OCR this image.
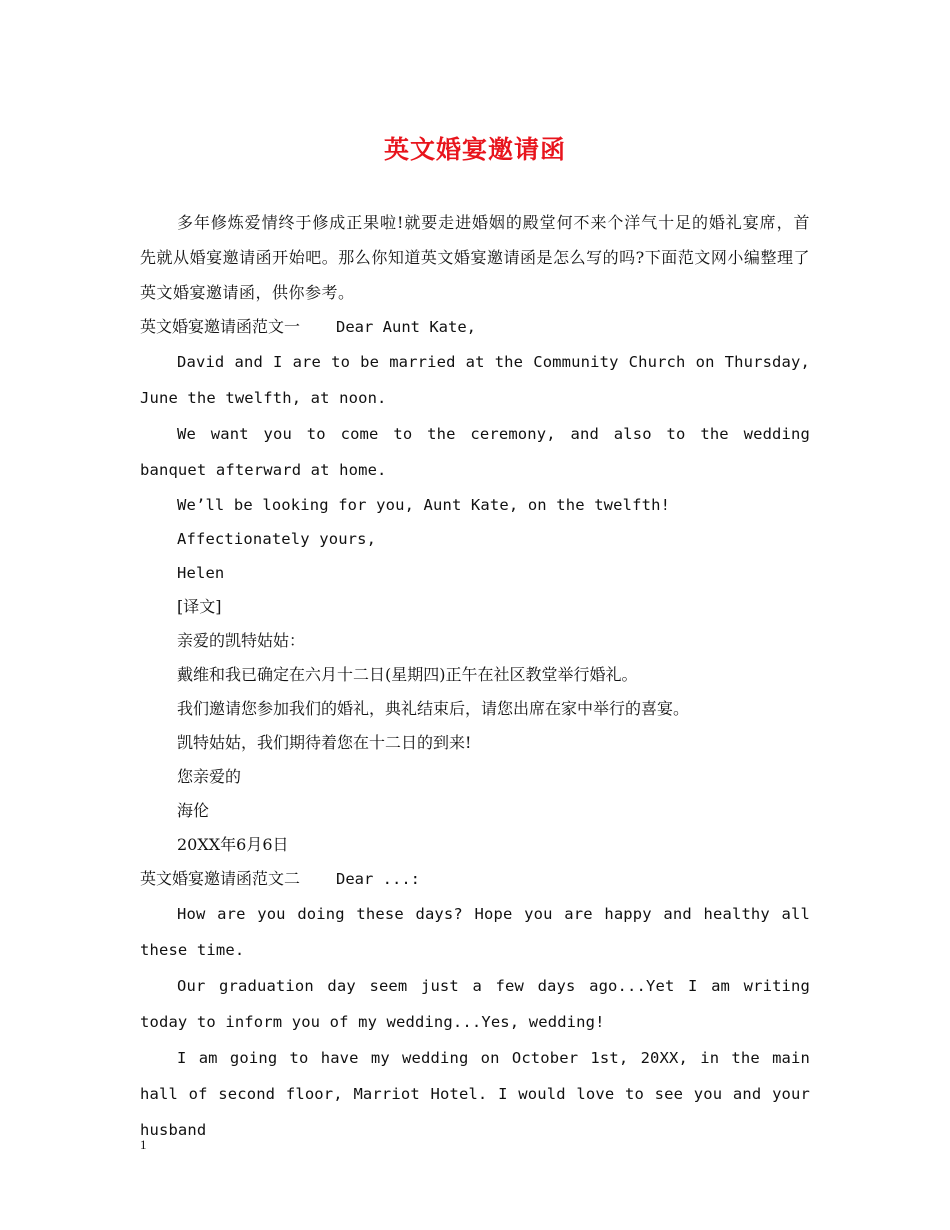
英文婚宴邀请函

多年修炼爱情终于修成正果啦!就要走进婚姻的殿堂何不来个洋气十足的婚礼宴席，首先就从婚宴邀请函开始吧。那么你知道英文婚宴邀请函是怎么写的吗?下面范文网小编整理了英文婚宴邀请函，供你参考。

英文婚宴邀请函范文一 Dear Aunt Kate,

David and I are to be married at the Community Church on Thursday, June the twelfth, at noon.

We want you to come to the ceremony, and also to the wedding banquet afterward at home.

We’ll be looking for you, Aunt Kate, on the twelfth!

Affectionately yours,

Helen

[译文]
亲爱的凯特姑姑：
戴维和我已确定在六月十二日(星期四)正午在社区教堂举行婚礼。
我们邀请您参加我们的婚礼，典礼结束后，请您出席在家中举行的喜宴。
凯特姑姑，我们期待着您在十二日的到来!
您亲爱的
海伦
20XX年6月6日
英文婚宴邀请函范文二 Dear ...:

How are you doing these days? Hope you are happy and healthy all these time.

Our graduation day seem just a few days ago...Yet I am writing today to inform you of my wedding...Yes, wedding!

I am going to have my wedding on October 1st, 20XX, in the main hall of second floor, Marriot Hotel. I would love to see you and your husband

1
